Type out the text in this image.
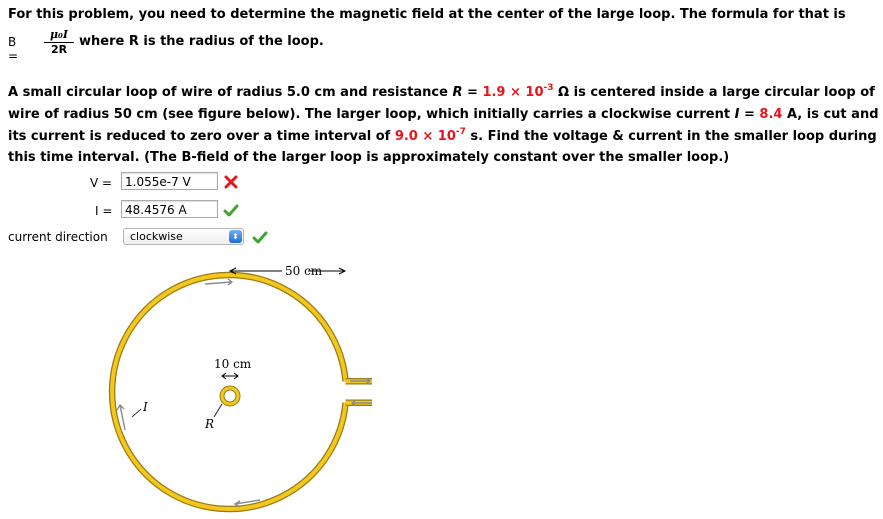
For this problem, you need to determine the magnetic field at the center of the large loop. The formula for that is
$B = \frac{\text{μ₀I}}{2R}$ where R is the radius of the loop.
A small circular loop of wire of radius 5.0 cm and resistance $R = 1.9 \times 10^{-3}$ Ω is centered inside a large circular loop of
wire of radius 50 cm (see figure below). The larger loop, which initially carries a clockwise current I = 8.4 A, is cut and
its current is reduced to zero over a time interval of $9.0 \times 10^{-7}$ s. Find the voltage & current in the smaller loop during
this time interval. (The B-field of the larger loop is approximately constant over the smaller loop.)
V =	1.055e-7 V
I =	48.4576 A
current direction	clockwise	⬍
50 cm
10 cm
I
R
